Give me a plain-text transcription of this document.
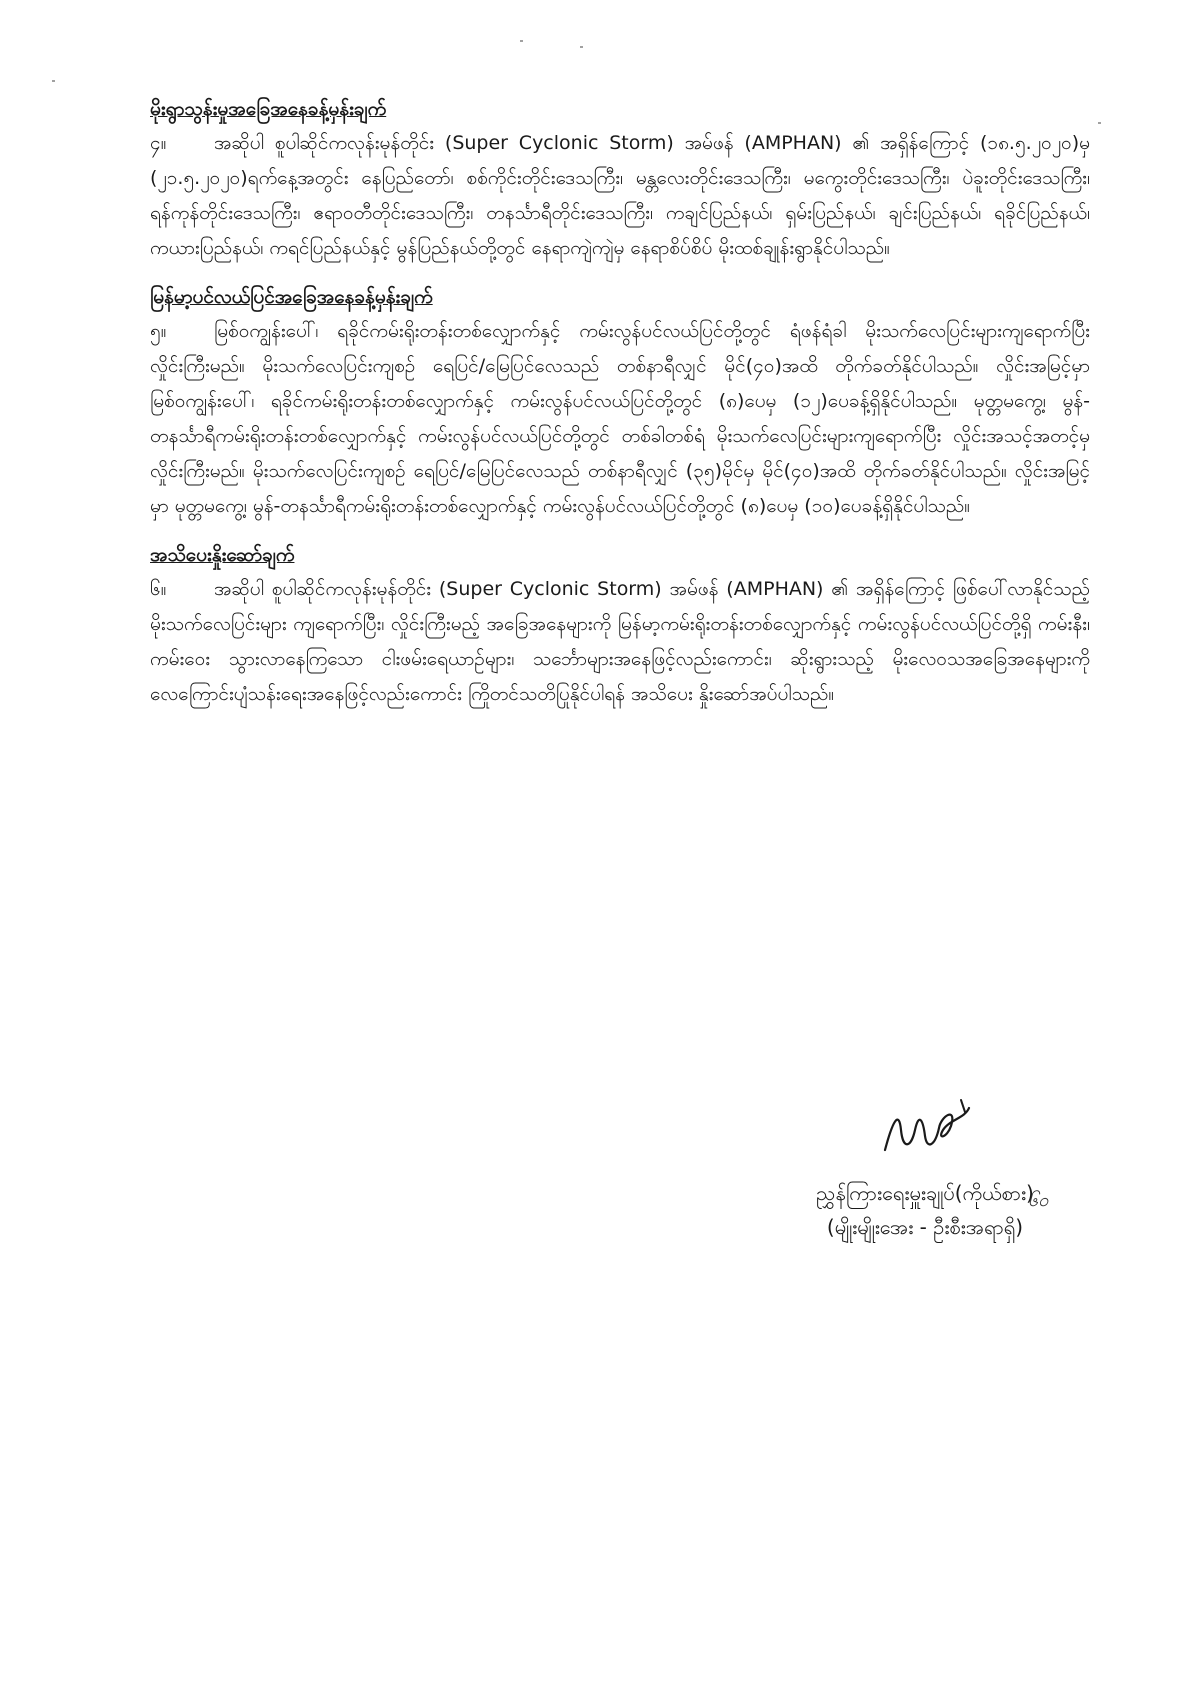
မိုးရွာသွန်းမှုအခြေအနေခန့်မှန်းချက်

၄။	အဆိုပါ စူပါဆိုင်ကလုန်းမုန်တိုင်း (Super Cyclonic Storm) အမ်ဖန် (AMPHAN) ၏ အရှိန်ကြောင့် (၁၈.၅.၂၀၂၀)မှ (၂၁.၅.၂၀၂၀)ရက်နေ့အတွင်း နေပြည်တော်၊ စစ်ကိုင်းတိုင်းဒေသကြီး၊ မန္တလေးတိုင်းဒေသကြီး၊ မကွေးတိုင်းဒေသကြီး၊ ပဲခူးတိုင်းဒေသကြီး၊ ရန်ကုန်တိုင်းဒေသကြီး၊ ဧရာဝတီတိုင်းဒေသကြီး၊ တနင်္သာရီတိုင်းဒေသကြီး၊ ကချင်ပြည်နယ်၊ ရှမ်းပြည်နယ်၊ ချင်းပြည်နယ်၊ ရခိုင်ပြည်နယ်၊ ကယားပြည်နယ်၊ ကရင်ပြည်နယ်နှင့် မွန်ပြည်နယ်တို့တွင် နေရာကျဲကျဲမှ နေရာစိပ်စိပ် မိုးထစ်ချုန်းရွာနိုင်ပါသည်။

မြန်မာ့ပင်လယ်ပြင်အခြေအနေခန့်မှန်းချက်

၅။	မြစ်ဝကျွန်းပေါ်၊ ရခိုင်ကမ်းရိုးတန်းတစ်လျှောက်နှင့် ကမ်းလွန်ပင်လယ်ပြင်တို့တွင် ရံဖန်ရံခါ မိုးသက်လေပြင်းများကျရောက်ပြီး လှိုင်းကြီးမည်။ မိုးသက်လေပြင်းကျစဉ် ရေပြင်/မြေပြင်လေသည် တစ်နာရီလျှင် မိုင်(၄၀)အထိ တိုက်ခတ်နိုင်ပါသည်။ လှိုင်းအမြင့်မှာ မြစ်ဝကျွန်းပေါ်၊ ရခိုင်ကမ်းရိုးတန်းတစ်လျှောက်နှင့် ကမ်းလွန်ပင်လယ်ပြင်တို့တွင် (၈)ပေမှ (၁၂)ပေခန့်ရှိနိုင်ပါသည်။ မုတ္တမကွေ့၊ မွန်-တနင်္သာရီကမ်းရိုးတန်းတစ်လျှောက်နှင့် ကမ်းလွန်ပင်လယ်ပြင်တို့တွင် တစ်ခါတစ်ရံ မိုးသက်လေပြင်းများကျရောက်ပြီး လှိုင်းအသင့်အတင့်မှ လှိုင်းကြီးမည်။ မိုးသက်လေပြင်းကျစဉ် ရေပြင်/မြေပြင်လေသည် တစ်နာရီလျှင် (၃၅)မိုင်မှ မိုင်(၄၀)အထိ တိုက်ခတ်နိုင်ပါသည်။ လှိုင်းအမြင့်မှာ မုတ္တမကွေ့၊ မွန်-တနင်္သာရီကမ်းရိုးတန်းတစ်လျှောက်နှင့် ကမ်းလွန်ပင်လယ်ပြင်တို့တွင် (၈)ပေမှ (၁၀)ပေခန့်ရှိနိုင်ပါသည်။

အသိပေးနှိုးဆော်ချက်

၆။	အဆိုပါ စူပါဆိုင်ကလုန်းမုန်တိုင်း (Super Cyclonic Storm) အမ်ဖန် (AMPHAN) ၏ အရှိန်ကြောင့် ဖြစ်ပေါ်လာနိုင်သည့် မိုးသက်လေပြင်းများ ကျရောက်ပြီး၊ လှိုင်းကြီးမည့် အခြေအနေများကို မြန်မာ့ကမ်းရိုးတန်းတစ်လျှောက်နှင့် ကမ်းလွန်ပင်လယ်ပြင်တို့ရှိ ကမ်းနီး၊ ကမ်းဝေး သွားလာနေကြသော ငါးဖမ်းရေယာဉ်များ၊ သင်္ဘောများအနေဖြင့်လည်းကောင်း၊ ဆိုးရွားသည့် မိုးလေဝသအခြေအနေများကို လေကြောင်းပျံသန်းရေးအနေဖြင့်လည်းကောင်း ကြိုတင်သတိပြုနိုင်ပါရန် အသိပေး နှိုးဆော်အပ်ပါသည်။

ညွှန်ကြားရေးမှူးချုပ်(ကိုယ်စား)

(မျိုးမျိုးအေး - ဦးစီးအရာရှိ)

၆၀
